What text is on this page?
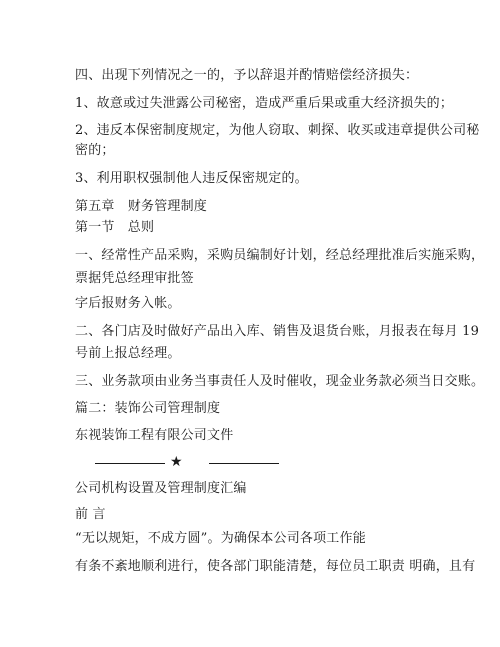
四、出现下列情况之一的，予以辞退并酌情赔偿经济损失：
1、故意或过失泄露公司秘密，造成严重后果或重大经济损失的；
2、违反本保密制度规定，为他人窃取、刺探、收买或违章提供公司秘
密的；
3、利用职权强制他人违反保密规定的。
第五章　财务管理制度
第一节　总则
一、经常性产品采购，采购员编制好计划，经总经理批准后实施采购，
票据凭总经理审批签
字后报财务入帐。
二、各门店及时做好产品出入库、销售及退货台账，月报表在每月 19
号前上报总经理。
三、业务款项由业务当事责任人及时催收，现金业务款必须当日交账。
篇二：装饰公司管理制度
东视装饰工程有限公司文件
★
公司机构设置及管理制度汇编
前 言
“无以规矩，不成方圆”。为确保本公司各项工作能
有条不紊地顺利进行，使各部门职能清楚，每位员工职责 明确，且有
